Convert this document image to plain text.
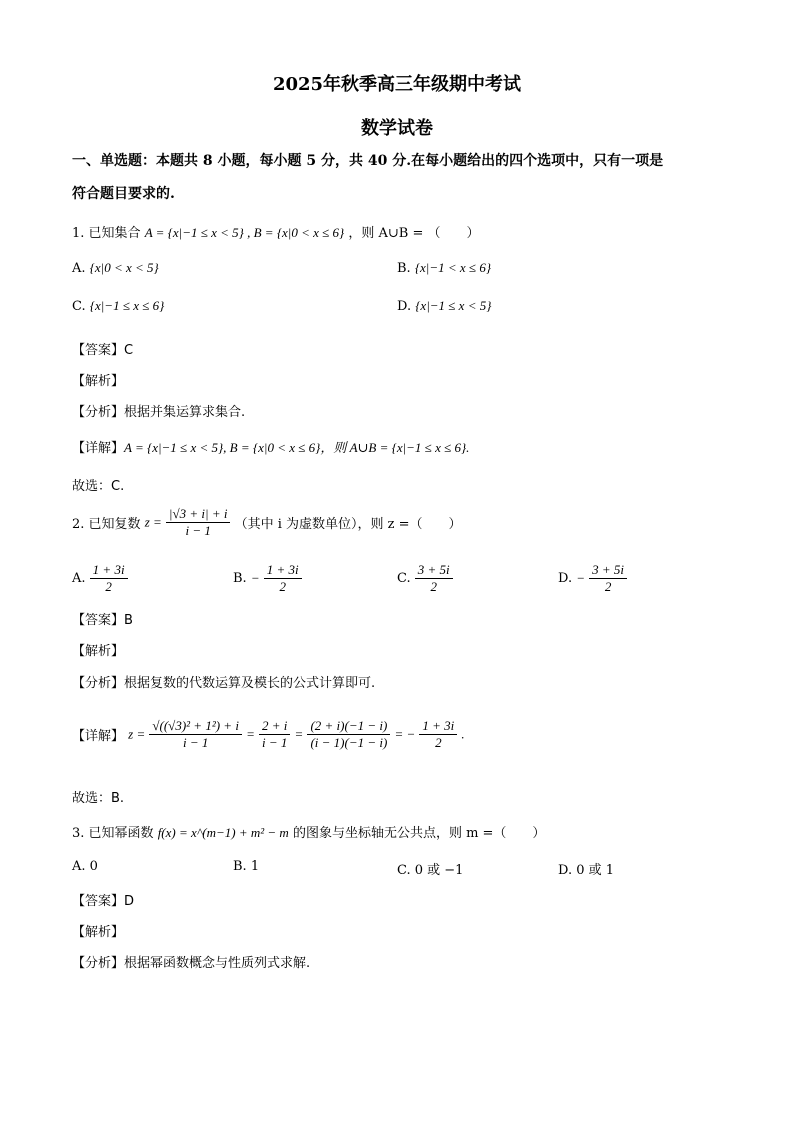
2025年秋季高三年级期中考试
数学试卷
一、单选题：本题共 8 小题，每小题 5 分，共 40 分.在每小题给出的四个选项中，只有一项是
符合题目要求的.
1. 已知集合 A = {x|−1 ≤ x < 5} , B = {x|0 < x ≤ 6} ，则 A∪B = （　　）
A. {x|0 < x < 5}	B. {x|−1 < x ≤ 6}
C. {x|−1 ≤ x ≤ 6}	D. {x|−1 ≤ x < 5}
【答案】C
【解析】
【分析】根据并集运算求集合.
【详解】A = {x|−1 ≤ x < 5}, B = {x|0 < x ≤ 6}，则 A∪B = {x|−1 ≤ x ≤ 6}.
故选：C.
2. 已知复数 $z = \frac{|√3 + i| + i}{i - 1}$ （其中 i 为虚数单位），则 z =（　　）
A. $\frac{1 + 3i}{2}$	B. − $\frac{1 + 3i}{2}$	C. $\frac{3 + 5i}{2}$	D. − $\frac{3 + 5i}{2}$
【答案】B
【解析】
【分析】根据复数的代数运算及模长的公式计算即可.
【详解】 $z = \frac{\text{√((√3)² + 1²) + i}}{i - 1} = \frac{2 + i}{i - 1} = \frac{(2 + i)(-1 - i)}{(i - 1)(-1 - i)}$ = − $\frac{1 + 3i}{2}$ .
故选：B.
3. 已知幂函数 f(x) = x^(m−1) + m² − m 的图象与坐标轴无公共点，则 m =（　　）
A. 0	B. 1	C. 0 或 −1	D. 0 或 1
【答案】D
【解析】
【分析】根据幂函数概念与性质列式求解.
